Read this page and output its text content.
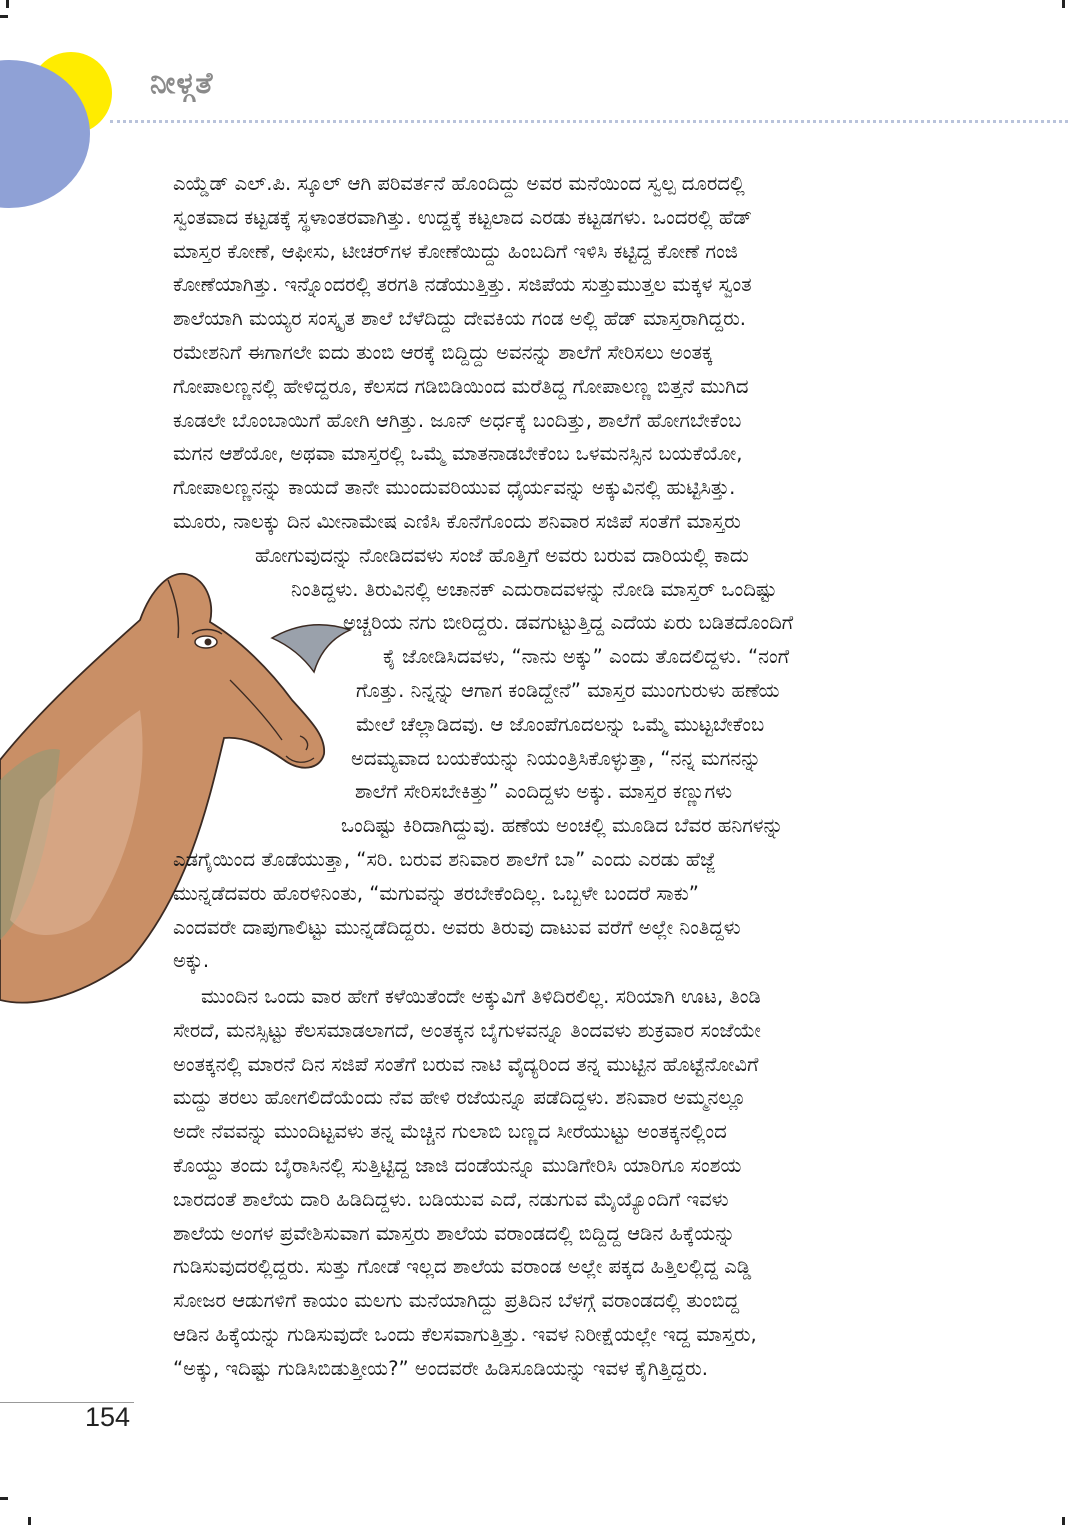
ನೀಳ್ಗತೆ
ಎಯ್ಡೆಡ್ ಎಲ್.ಪಿ. ಸ್ಕೂಲ್ ಆಗಿ ಪರಿವರ್ತನೆ ಹೊಂದಿದ್ದು ಅವರ ಮನೆಯಿಂದ ಸ್ವಲ್ಪ ದೂರದಲ್ಲಿ
ಸ್ವಂತವಾದ ಕಟ್ಟಡಕ್ಕೆ ಸ್ಥಳಾಂತರವಾಗಿತ್ತು. ಉದ್ದಕ್ಕೆ ಕಟ್ಟಲಾದ ಎರಡು ಕಟ್ಟಡಗಳು. ಒಂದರಲ್ಲಿ ಹೆಡ್
ಮಾಸ್ತರ ಕೋಣೆ, ಆಫೀಸು, ಟೀಚರ್‌ಗಳ ಕೋಣೆಯಿದ್ದು ಹಿಂಬದಿಗೆ ಇಳಿಸಿ ಕಟ್ಟಿದ್ದ ಕೋಣೆ ಗಂಜಿ
ಕೋಣೆಯಾಗಿತ್ತು. ಇನ್ನೊಂದರಲ್ಲಿ ತರಗತಿ ನಡೆಯುತ್ತಿತ್ತು. ಸಜಿಪೆಯ ಸುತ್ತುಮುತ್ತಲ ಮಕ್ಕಳ ಸ್ವಂತ
ಶಾಲೆಯಾಗಿ ಮಯ್ಯರ ಸಂಸ್ಕೃತ ಶಾಲೆ ಬೆಳೆದಿದ್ದು ದೇವಕಿಯ ಗಂಡ ಅಲ್ಲಿ ಹೆಡ್ ಮಾಸ್ತರಾಗಿದ್ದರು.
ರಮೇಶನಿಗೆ ಈಗಾಗಲೇ ಐದು ತುಂಬಿ ಆರಕ್ಕೆ ಬಿದ್ದಿದ್ದು ಅವನನ್ನು ಶಾಲೆಗೆ ಸೇರಿಸಲು ಅಂತಕ್ಕ
ಗೋಪಾಲಣ್ಣನಲ್ಲಿ ಹೇಳಿದ್ದರೂ, ಕೆಲಸದ ಗಡಿಬಿಡಿಯಿಂದ ಮರೆತಿದ್ದ ಗೋಪಾಲಣ್ಣ ಬಿತ್ತನೆ ಮುಗಿದ
ಕೂಡಲೇ ಬೊಂಬಾಯಿಗೆ ಹೋಗಿ ಆಗಿತ್ತು. ಜೂನ್ ಅರ್ಧಕ್ಕೆ ಬಂದಿತ್ತು, ಶಾಲೆಗೆ ಹೋಗಬೇಕೆಂಬ
ಮಗನ ಆಶೆಯೋ, ಅಥವಾ ಮಾಸ್ತರಲ್ಲಿ ಒಮ್ಮೆ ಮಾತನಾಡಬೇಕೆಂಬ ಒಳಮನಸ್ಸಿನ ಬಯಕೆಯೋ,
ಗೋಪಾಲಣ್ಣನನ್ನು ಕಾಯದೆ ತಾನೇ ಮುಂದುವರಿಯುವ ಧೈರ್ಯವನ್ನು ಅಕ್ಕುವಿನಲ್ಲಿ ಹುಟ್ಟಿಸಿತ್ತು.
ಮೂರು, ನಾಲಕ್ಕು ದಿನ ಮೀನಾಮೇಷ ಎಣಿಸಿ ಕೊನೆಗೊಂದು ಶನಿವಾರ ಸಜಿಪೆ ಸಂತೆಗೆ ಮಾಸ್ತರು
ಹೋಗುವುದನ್ನು ನೋಡಿದವಳು ಸಂಜೆ ಹೊತ್ತಿಗೆ ಅವರು ಬರುವ ದಾರಿಯಲ್ಲಿ ಕಾದು
ನಿಂತಿದ್ದಳು. ತಿರುವಿನಲ್ಲಿ ಅಚಾನಕ್ ಎದುರಾದವಳನ್ನು ನೋಡಿ ಮಾಸ್ತರ್ ಒಂದಿಷ್ಟು
ಅಚ್ಚರಿಯ ನಗು ಬೀರಿದ್ದರು. ಡವಗುಟ್ಟುತ್ತಿದ್ದ ಎದೆಯ ಏರು ಬಡಿತದೊಂದಿಗೆ
ಕೈ ಜೋಡಿಸಿದವಳು, “ನಾನು ಅಕ್ಕು” ಎಂದು ತೊದಲಿದ್ದಳು. “ನಂಗೆ
ಗೊತ್ತು. ನಿನ್ನನ್ನು ಆಗಾಗ ಕಂಡಿದ್ದೇನೆ” ಮಾಸ್ತರ ಮುಂಗುರುಳು ಹಣೆಯ
ಮೇಲೆ ಚೆಲ್ಲಾಡಿದವು. ಆ ಜೊಂಪೆಗೂದಲನ್ನು ಒಮ್ಮೆ ಮುಟ್ಟಬೇಕೆಂಬ
ಅದಮ್ಯವಾದ ಬಯಕೆಯನ್ನು ನಿಯಂತ್ರಿಸಿಕೊಳ್ಳುತ್ತಾ, “ನನ್ನ ಮಗನನ್ನು
ಶಾಲೆಗೆ ಸೇರಿಸಬೇಕಿತ್ತು” ಎಂದಿದ್ದಳು ಅಕ್ಕು. ಮಾಸ್ತರ ಕಣ್ಣುಗಳು
ಒಂದಿಷ್ಟು ಕಿರಿದಾಗಿದ್ದುವು. ಹಣೆಯ ಅಂಚಲ್ಲಿ ಮೂಡಿದ ಬೆವರ ಹನಿಗಳನ್ನು
ಎಡಗೈಯಿಂದ ತೊಡೆಯುತ್ತಾ, “ಸರಿ. ಬರುವ ಶನಿವಾರ ಶಾಲೆಗೆ ಬಾ” ಎಂದು ಎರಡು ಹೆಜ್ಜೆ
ಮುನ್ನಡೆದವರು ಹೊರಳಿನಿಂತು, “ಮಗುವನ್ನು ತರಬೇಕೆಂದಿಲ್ಲ. ಒಬ್ಬಳೇ ಬಂದರೆ ಸಾಕು”
ಎಂದವರೇ ದಾಪುಗಾಲಿಟ್ಟು ಮುನ್ನಡೆದಿದ್ದರು. ಅವರು ತಿರುವು ದಾಟುವ ವರೆಗೆ ಅಲ್ಲೇ ನಿಂತಿದ್ದಳು
ಅಕ್ಕು.
ಮುಂದಿನ ಒಂದು ವಾರ ಹೇಗೆ ಕಳೆಯಿತೆಂದೇ ಅಕ್ಕುವಿಗೆ ತಿಳಿದಿರಲಿಲ್ಲ. ಸರಿಯಾಗಿ ಊಟ, ತಿಂಡಿ
ಸೇರದೆ, ಮನಸ್ಸಿಟ್ಟು ಕೆಲಸಮಾಡಲಾಗದೆ, ಅಂತಕ್ಕನ ಬೈಗುಳವನ್ನೂ ತಿಂದವಳು ಶುಕ್ರವಾರ ಸಂಜೆಯೇ
ಅಂತಕ್ಕನಲ್ಲಿ ಮಾರನೆ ದಿನ ಸಜಿಪೆ ಸಂತೆಗೆ ಬರುವ ನಾಟಿ ವೈದ್ಯರಿಂದ ತನ್ನ ಮುಟ್ಟಿನ ಹೊಟ್ಟೆನೋವಿಗೆ
ಮದ್ದು ತರಲು ಹೋಗಲಿದೆಯೆಂದು ನೆವ ಹೇಳಿ ರಜೆಯನ್ನೂ ಪಡೆದಿದ್ದಳು. ಶನಿವಾರ ಅಮ್ಮನಲ್ಲೂ
ಅದೇ ನೆವವನ್ನು ಮುಂದಿಟ್ಟವಳು ತನ್ನ ಮೆಚ್ಚಿನ ಗುಲಾಬಿ ಬಣ್ಣದ ಸೀರೆಯುಟ್ಟು ಅಂತಕ್ಕನಲ್ಲಿಂದ
ಕೊಯ್ದು ತಂದು ಬೈರಾಸಿನಲ್ಲಿ ಸುತ್ತಿಟ್ಟಿದ್ದ ಜಾಜಿ ದಂಡೆಯನ್ನೂ ಮುಡಿಗೇರಿಸಿ ಯಾರಿಗೂ ಸಂಶಯ
ಬಾರದಂತೆ ಶಾಲೆಯ ದಾರಿ ಹಿಡಿದಿದ್ದಳು. ಬಡಿಯುವ ಎದೆ, ನಡುಗುವ ಮೈಯ್ಯೊಂದಿಗೆ ಇವಳು
ಶಾಲೆಯ ಅಂಗಳ ಪ್ರವೇಶಿಸುವಾಗ ಮಾಸ್ತರು ಶಾಲೆಯ ವರಾಂಡದಲ್ಲಿ ಬಿದ್ದಿದ್ದ ಆಡಿನ ಹಿಕ್ಕೆಯನ್ನು
ಗುಡಿಸುವುದರಲ್ಲಿದ್ದರು. ಸುತ್ತು ಗೋಡೆ ಇಲ್ಲದ ಶಾಲೆಯ ವರಾಂಡ ಅಲ್ಲೇ ಪಕ್ಕದ ಹಿತ್ತಿಲಲ್ಲಿದ್ದ ಎಡ್ಡಿ
ಸೋಜರ ಆಡುಗಳಿಗೆ ಕಾಯಂ ಮಲಗು ಮನೆಯಾಗಿದ್ದು ಪ್ರತಿದಿನ ಬೆಳಗ್ಗೆ ವರಾಂಡದಲ್ಲಿ ತುಂಬಿದ್ದ
ಆಡಿನ ಹಿಕ್ಕೆಯನ್ನು ಗುಡಿಸುವುದೇ ಒಂದು ಕೆಲಸವಾಗುತ್ತಿತ್ತು. ಇವಳ ನಿರೀಕ್ಷೆಯಲ್ಲೇ ಇದ್ದ ಮಾಸ್ತರು,
“ಅಕ್ಕು, ಇದಿಷ್ಟು ಗುಡಿಸಿಬಿಡುತ್ತೀಯ?” ಅಂದವರೇ ಹಿಡಿಸೂಡಿಯನ್ನು ಇವಳ ಕೈಗಿತ್ತಿದ್ದರು.
154
